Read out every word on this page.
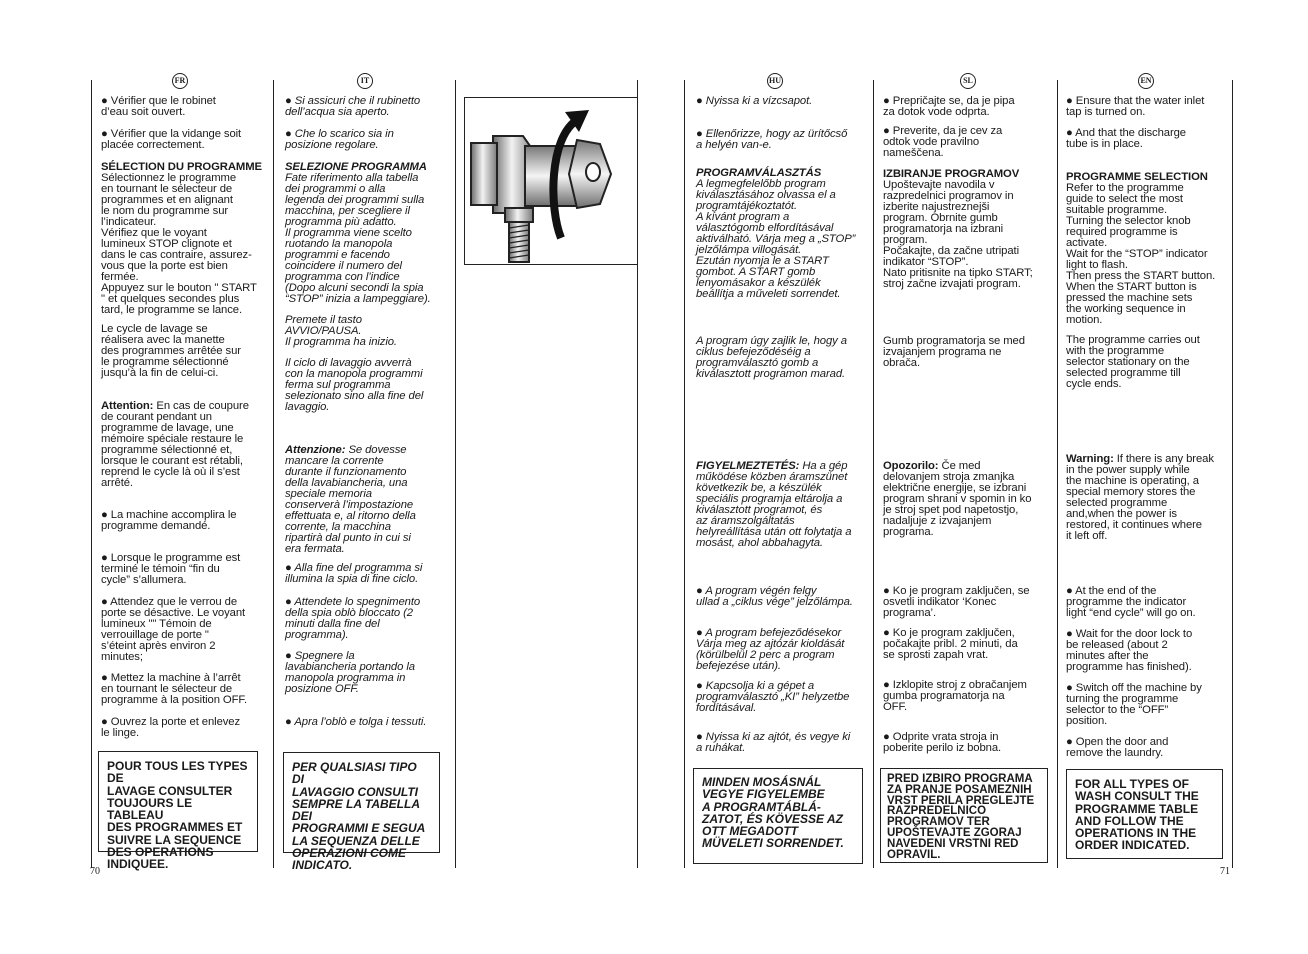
FR	IT	HU	SL	EN

● Vérifier que le robinet
d’eau soit ouvert.

● Vérifier que la vidange soit
placée correctement.

SÉLECTION DU PROGRAMME

Sélectionnez le programme
en tournant le sélecteur de
programmes et en alignant
le nom du programme sur
l’indicateur.
Vérifiez que le voyant
lumineux STOP clignote et
dans le cas contraire, assurez-
vous que la porte est bien
fermée.
Appuyez sur le bouton " START
" et quelques secondes plus
tard, le programme se lance.

Le cycle de lavage se
réalisera avec la manette
des programmes arrêtée sur
le programme sélectionné
jusqu’à la fin de celui-ci.

Attention: En cas de coupure
de courant pendant un
programme de lavage, une
mémoire spéciale restaure le
programme sélectionné et,
lorsque le courant est rétabli,
reprend le cycle là où il s’est
arrêté.

● La machine accomplira le
programme demandé.

● Lorsque le programme est
terminé le témoin “fin du
cycle” s’allumera.

● Attendez que le verrou de
porte se désactive. Le voyant
lumineux "" Témoin de
verrouillage de porte "
s’éteint après environ 2
minutes;

● Mettez la machine à l’arrêt
en tournant le sélecteur de
programme à la position OFF.

● Ouvrez la porte et enlevez
le linge.

POUR TOUS LES TYPES DE
LAVAGE CONSULTER
TOUJOURS LE TABLEAU
DES PROGRAMMES ET
SUIVRE LA SEQUENCE
DES OPERATIONS
INDIQUEE.

● Si assicuri che il rubinetto
dell’acqua sia aperto.

● Che lo scarico sia in
posizione regolare.

SELEZIONE PROGRAMMA

Fate riferimento alla tabella
dei programmi o alla
legenda dei programmi sulla
macchina, per scegliere il
programma più adatto.
Il programma viene scelto
ruotando la manopola
programmi e facendo
coincidere il numero del
programma con l’indice
(Dopo alcuni secondi la spia
“STOP” inizia a lampeggiare).

Premete il tasto
AVVIO/PAUSA.
Il programma ha inizio.

Il ciclo di lavaggio avverrà
con la manopola programmi
ferma sul programma
selezionato sino alla fine del
lavaggio.

Attenzione: Se dovesse
mancare la corrente
durante il funzionamento
della lavabiancheria, una
speciale memoria
conserverà l’impostazione
effettuata e, al ritorno della
corrente, la macchina
ripartirà dal punto in cui si
era fermata.

● Alla fine del programma si
illumina la spia di fine ciclo.

● Attendete lo spegnimento
della spia oblò bloccato (2
minuti dalla fine del
programma).

● Spegnere la
lavabiancheria portando la
manopola programma in
posizione OFF.

● Apra l’oblò e tolga i tessuti.

PER QUALSIASI TIPO DI
LAVAGGIO CONSULTI
SEMPRE LA TABELLA DEI
PROGRAMMI E SEGUA
LA SEQUENZA DELLE
OPERAZIONI COME
INDICATO.

● Nyissa ki a vízcsapot.

● Ellenőrizze, hogy az ürítőcső
a helyén van-e.

PROGRAMVÁLASZTÁS

A legmegfelelőbb program
kiválasztásához olvassa el a
programtájékoztatót.
A kívánt program a
választógomb elfordításával
aktiválható. Várja meg a „STOP”
jelzőlámpa villogását.
Ezután nyomja le a START
gombot. A START gomb
lenyomásakor a készülék
beállítja a műveleti sorrendet.

A program úgy zajlik le, hogy a
ciklus befejeződéséig a
programválasztó gomb a
kiválasztott programon marad.

FIGYELMEZTETÉS: Ha a gép
működése közben áramszünet
következik be, a készülék
speciális programja eltárolja a
kiválasztott programot, és
az áramszolgáltatás
helyreállítása után ott folytatja a
mosást, ahol abbahagyta.

● A program végén felgy
ullad a „ciklus vége” jelzőlámpa.

● A program befejeződésekor
Várja meg az ajtózár kioldását
(körülbelül 2 perc a program
befejezése után).

● Kapcsolja ki a gépet a
programválasztó „KI” helyzetbe
fordításával.

● Nyissa ki az ajtót, és vegye ki
a ruhákat.

MINDEN MOSÁSNÁL
VEGYE FIGYELEMBE
A PROGRAMTÁBLÁ-
ZATOT, ÉS KÖVESSE AZ
OTT MEGADOTT
MÜVELETI SORRENDET.

● Prepričajte se, da je pipa
za dotok vode odprta.

● Preverite, da je cev za
odtok vode pravilno
nameščena.

IZBIRANJE PROGRAMOV

Upoštevajte navodila v
razpredelnici programov in
izberite najustreznejši
program. Obrnite gumb
programatorja na izbrani
program.
Počakajte, da začne utripati
indikator “STOP”.
Nato pritisnite na tipko START;
stroj začne izvajati program.

Gumb programatorja se med
izvajanjem programa ne
obrača.

Opozorilo: Če med
delovanjem stroja zmanjka
električne energije, se izbrani
program shrani v spomin in ko
je stroj spet pod napetostjo,
nadaljuje z izvajanjem
programa.

● Ko je program zaključen, se
osvetli indikator ‘Konec
programa’.

● Ko je program zaključen,
počakajte pribl. 2 minuti, da
se sprosti zapah vrat.

● Izklopite stroj z obračanjem
gumba programatorja na
OFF.

● Odprite vrata stroja in
poberite perilo iz bobna.

PRED IZBIRO PROGRAMA
ZA PRANJE POSAMEZNIH
VRST PERILA PREGLEJTE
RAZPREDELNICO
PROGRAMOV TER
UPOŠTEVAJTE ZGORAJ
NAVEDENI VRSTNI RED
OPRAVIL.

● Ensure that the water inlet
tap is turned on.

● And that the discharge
tube is in place.

PROGRAMME SELECTION

Refer to the programme
guide to select the most
suitable programme.
Turning the selector knob
required programme is
activate.
Wait for the “STOP” indicator
light to flash.
Then press the START button.
When the START button is
pressed the machine sets
the working sequence in
motion.

The programme carries out
with the programme
selector stationary on the
selected programme till
cycle ends.

Warning: If there is any break
in the power supply while
the machine is operating, a
special memory stores the
selected programme
and,when the power is
restored, it continues where
it left off.

● At the end of the
programme the indicator
light “end cycle” will go on.

● Wait for the door lock to
be released (about 2
minutes after the
programme has finished).

● Switch off the machine by
turning the programme
selector to the “OFF”
position.

● Open the door and
remove the laundry.

FOR ALL TYPES OF
WASH CONSULT THE
PROGRAMME TABLE
AND FOLLOW THE
OPERATIONS IN THE
ORDER INDICATED.
70	71
